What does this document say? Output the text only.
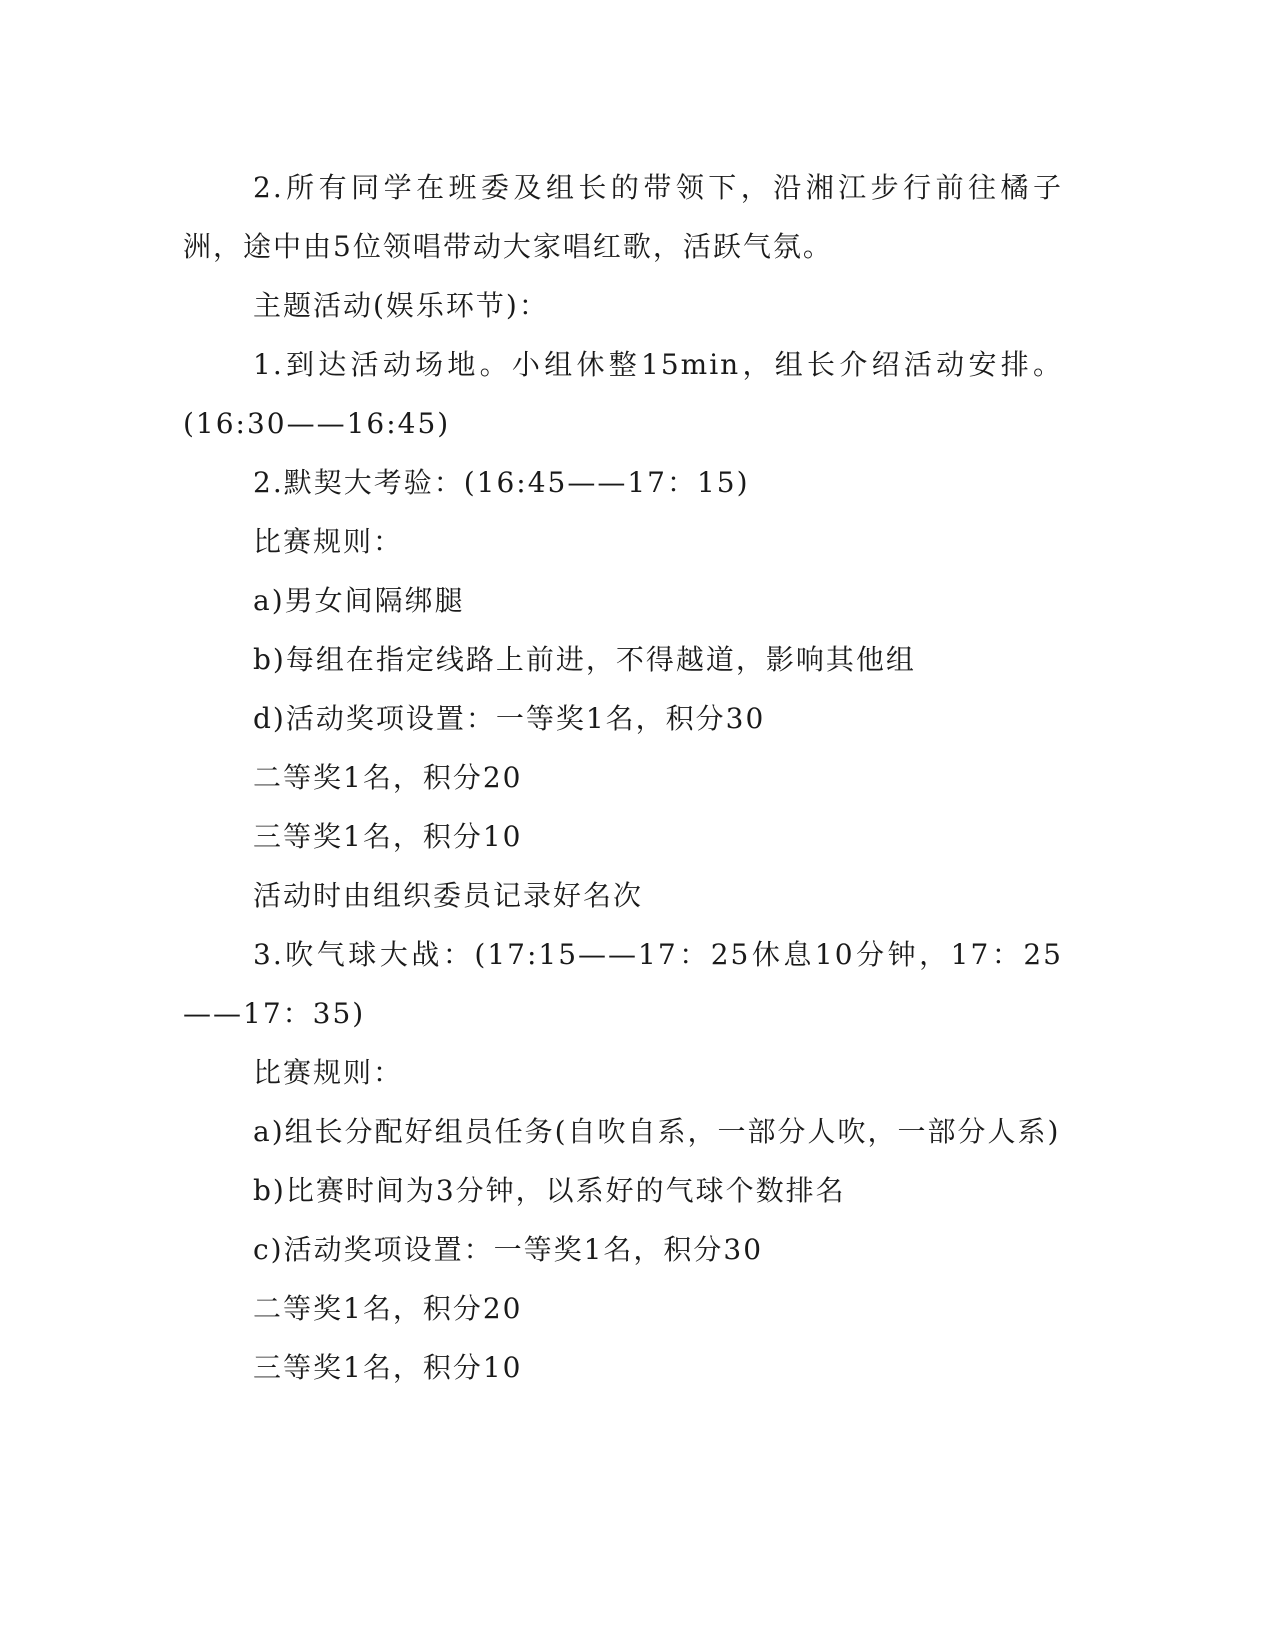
2.所有同学在班委及组长的带领下，沿湘江步行前往橘子洲，途中由5位领唱带动大家唱红歌，活跃气氛。

主题活动(娱乐环节)：

1.到达活动场地。小组休整15min，组长介绍活动安排。(16:30——16:45)

2.默契大考验：(16:45——17：15)

比赛规则：

a)男女间隔绑腿

b)每组在指定线路上前进，不得越道，影响其他组

d)活动奖项设置：一等奖1名，积分30

二等奖1名，积分20

三等奖1名，积分10

活动时由组织委员记录好名次

3.吹气球大战：(17:15——17：25休息10分钟，17：25——17：35)

比赛规则：

a)组长分配好组员任务(自吹自系，一部分人吹，一部分人系)

b)比赛时间为3分钟，以系好的气球个数排名

c)活动奖项设置：一等奖1名，积分30

二等奖1名，积分20

三等奖1名，积分10
